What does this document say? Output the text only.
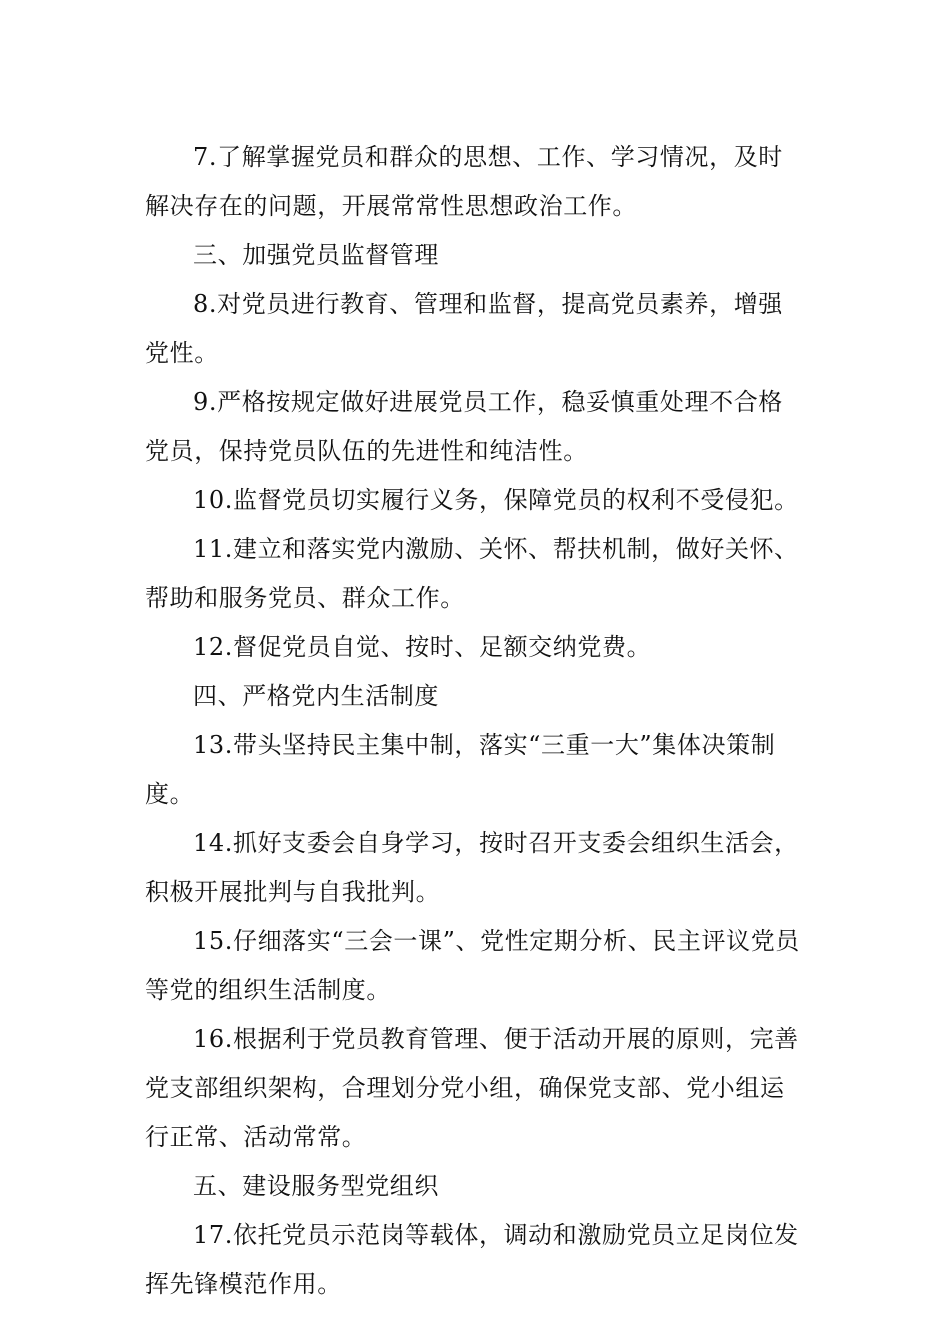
7.了解掌握党员和群众的思想、工作、学习情况，及时解决存在的问题，开展常常性思想政治工作。

三、加强党员监督管理

8.对党员进行教育、管理和监督，提高党员素养，增强党性。

9.严格按规定做好进展党员工作，稳妥慎重处理不合格党员，保持党员队伍的先进性和纯洁性。

10.监督党员切实履行义务，保障党员的权利不受侵犯。

11.建立和落实党内激励、关怀、帮扶机制，做好关怀、帮助和服务党员、群众工作。

12.督促党员自觉、按时、足额交纳党费。

四、严格党内生活制度

13.带头坚持民主集中制，落实“三重一大”集体决策制度。

14.抓好支委会自身学习，按时召开支委会组织生活会，积极开展批判与自我批判。

15.仔细落实“三会一课”、党性定期分析、民主评议党员等党的组织生活制度。

16.根据利于党员教育管理、便于活动开展的原则，完善党支部组织架构，合理划分党小组，确保党支部、党小组运行正常、活动常常。

五、建设服务型党组织

17.依托党员示范岗等载体，调动和激励党员立足岗位发挥先锋模范作用。
